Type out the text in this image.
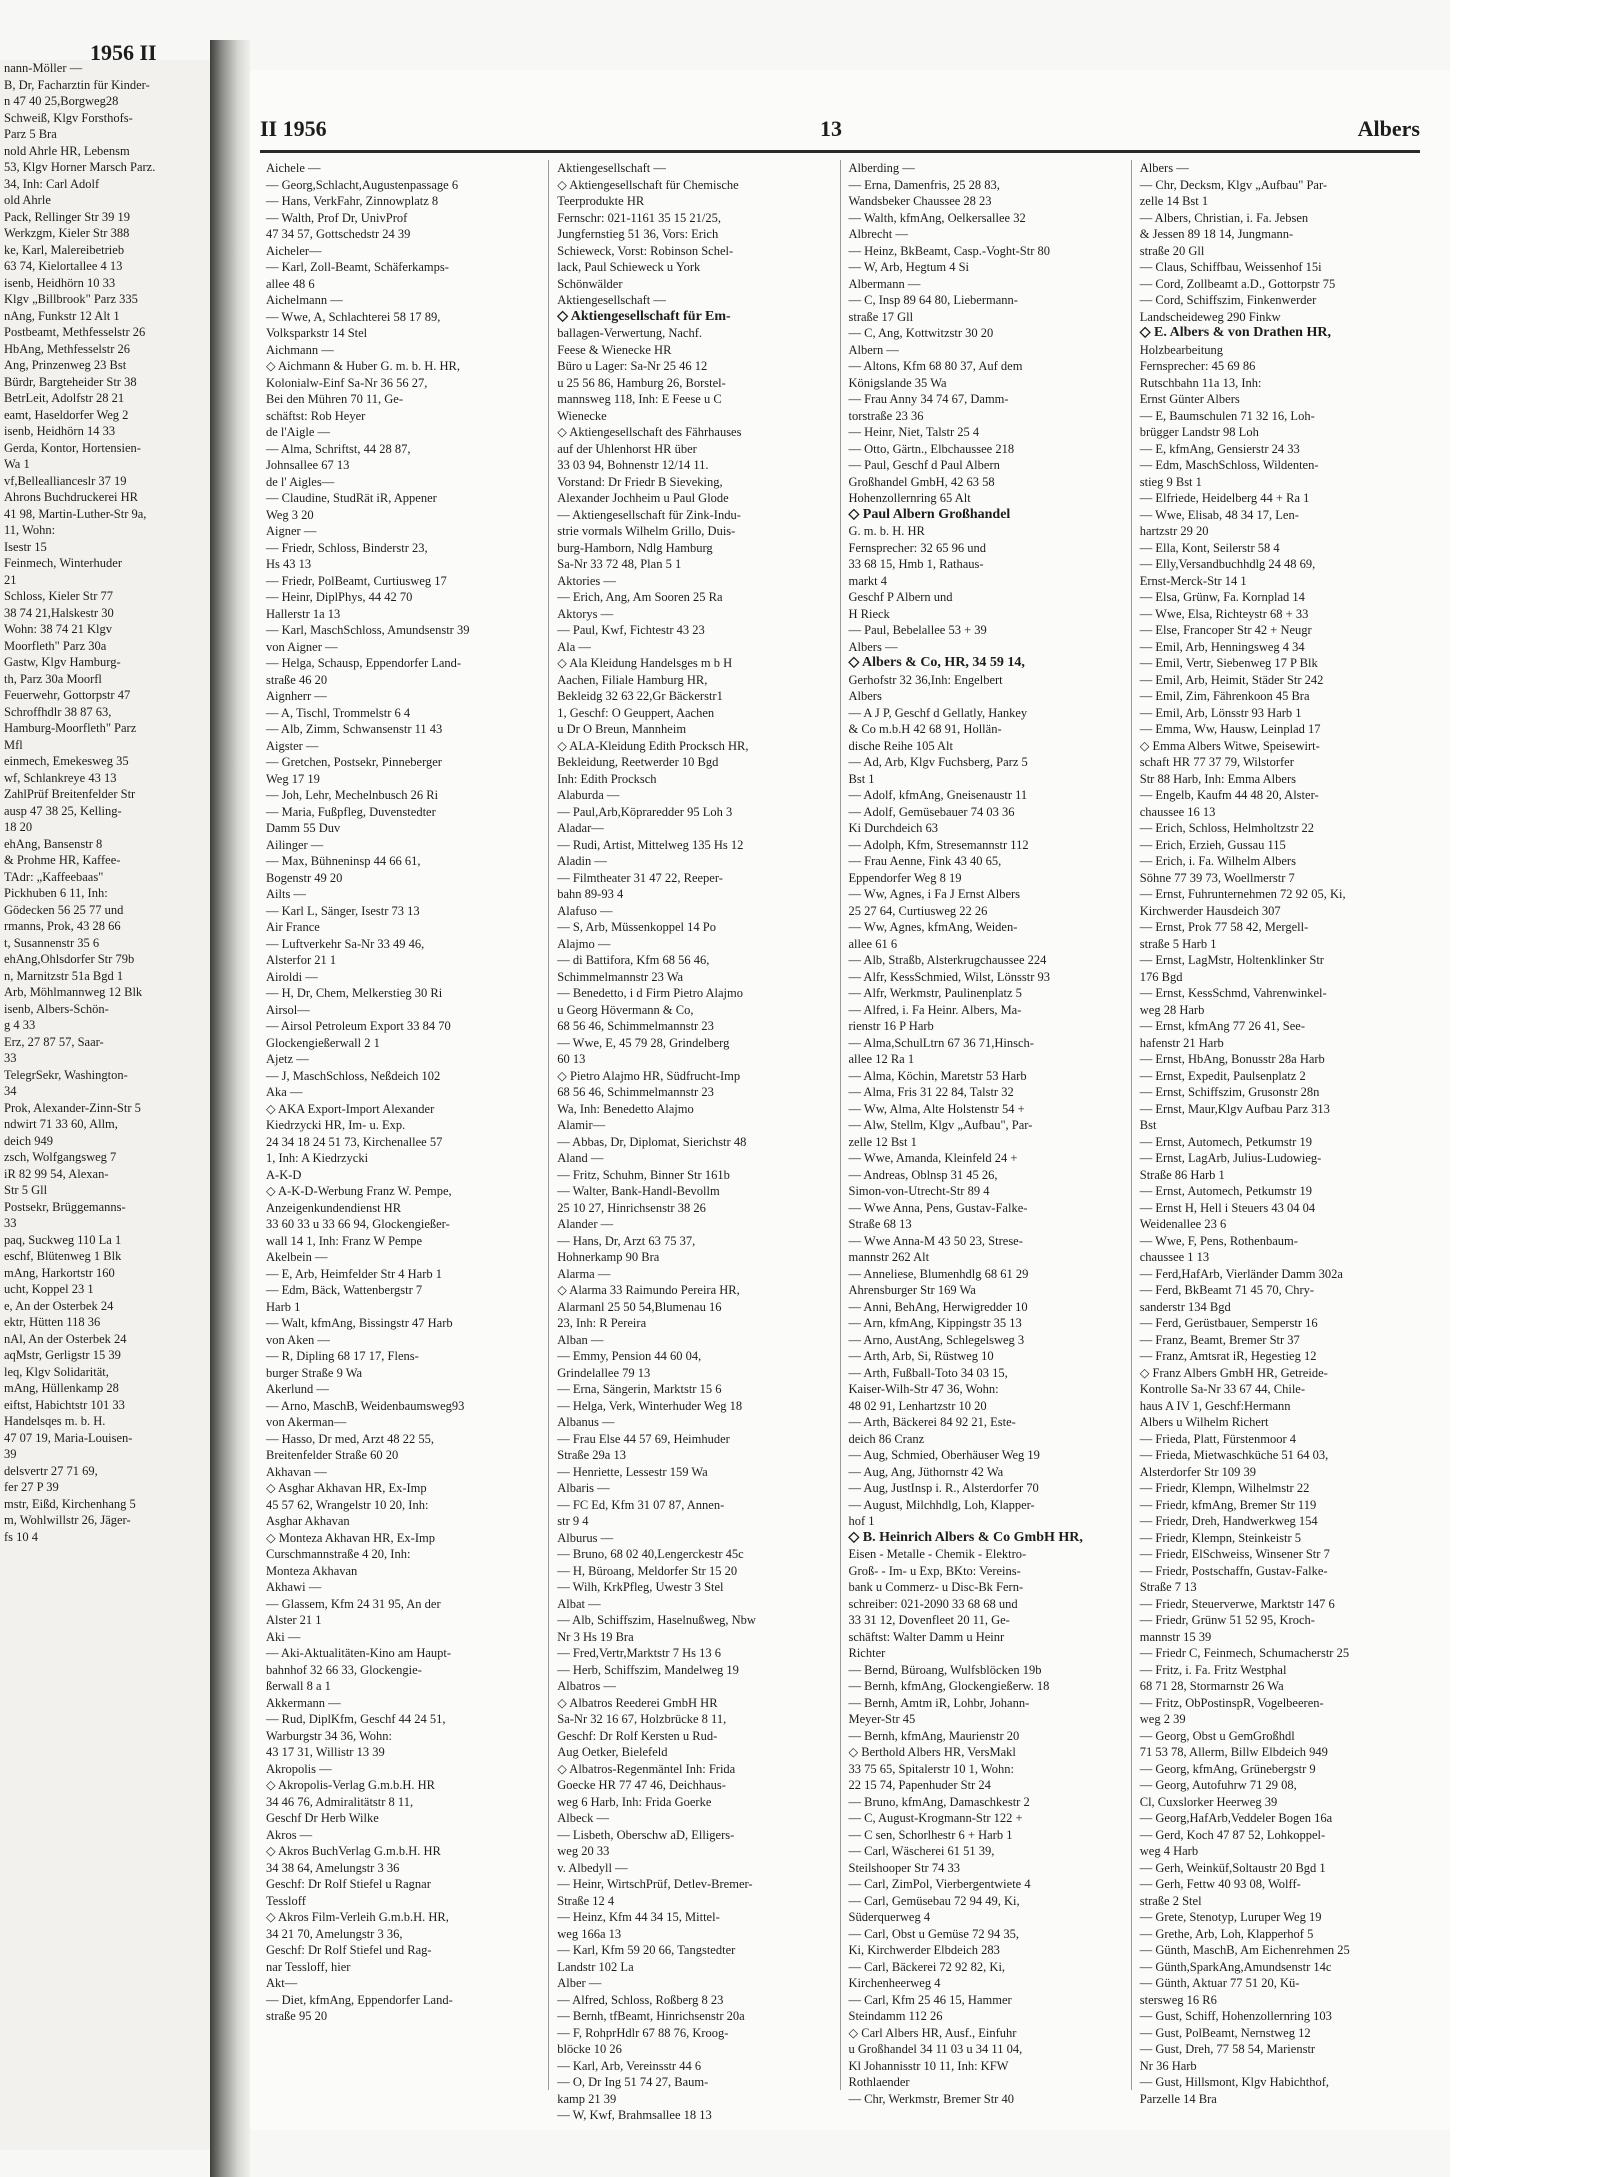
nann-Möller —
B, Dr, Facharztin für Kinder-
n 47 40 25,Borgweg28
Schweiß, Klgv Forsthofs-
Parz 5 Bra
nold Ahrle HR, Lebensm
53, Klgv Horner Marsch Parz.
34, Inh: Carl Adolf
old Ahrle
Pack, Rellinger Str 39 19
Werkzgm, Kieler Str 388
ke, Karl, Malereibetrieb
63 74, Kielortallee 4 13
isenb, Heidhörn 10 33
Klgv „Billbrook" Parz 335
nAng, Funkstr 12 Alt 1
Postbeamt, Methfesselstr 26
HbAng, Methfesselstr 26
Ang, Prinzenweg 23 Bst
Bürdr, Bargteheider Str 38
BetrLeit, Adolfstr 28 21
eamt, Haseldorfer Weg 2
isenb, Heidhörn 14 33
Gerda, Kontor, Hortensien-
Wa 1
vf,Belleallianceslr 37 19
Ahrons Buchdruckerei HR
41 98, Martin-Luther-Str 9a,
11, Wohn:
Isestr 15
Feinmech, Winterhuder
21
Schloss, Kieler Str 77
38 74 21,Halskestr 30
Wohn: 38 74 21 Klgv
Moorfleth" Parz 30a
Gastw, Klgv Hamburg-
th, Parz 30a Moorfl
Feuerwehr, Gottorpstr 47
Schroffhdlr 38 87 63,
Hamburg-Moorfleth" Parz
Mfl
einmech, Emekesweg 35
wf, Schlankreye 43 13
ZahlPrüf Breitenfelder Str
ausp 47 38 25, Kelling-
18 20
ehAng, Bansenstr 8
& Prohme HR, Kaffee-
TAdr: „Kaffeebaas"
Pickhuben 6 11, Inh:
Gödecken 56 25 77 und
rmanns, Prok, 43 28 66
t, Susannenstr 35 6
ehAng,Ohlsdorfer Str 79b
n, Marnitzstr 51a Bgd 1
Arb, Möhlmannweg 12 Blk
isenb, Albers-Schön-
g 4 33
Erz, 27 87 57, Saar-
33
TelegrSekr, Washington-
34
Prok, Alexander-Zinn-Str 5
ndwirt 71 33 60, Allm,
deich 949
zsch, Wolfgangsweg 7
iR 82 99 54, Alexan-
Str 5 Gll
Postsekr, Brüggemanns-
33
paq, Suckweg 110 La 1
eschf, Blütenweg 1 Blk
mAng, Harkortstr 160
ucht, Koppel 23 1
e, An der Osterbek 24
ektr, Hütten 118 36
nAl, An der Osterbek 24
aqMstr, Gerligstr 15 39
leq, Klgv Solidarität,
mAng, Hüllenkamp 28
eiftst, Habichtstr 101 33
Handelsqes m. b. H.
47 07 19, Maria-Louisen-
39
delsvertr 27 71 69,
fer 27 P 39
mstr, Eißd, Kirchenhang 5
m, Wohlwillstr 26, Jäger-
fs 10 4
1956 II
II 1956	13	Albers
Aichele —
— Georg,Schlacht,Augustenpassage 6
— Hans, VerkFahr, Zinnowplatz 8
— Walth, Prof Dr, UnivProf
47 34 57, Gottschedstr 24 39
Aicheler—
— Karl, Zoll-Beamt, Schäferkamps-
allee 48 6
Aichelmann —
— Wwe, A, Schlachterei 58 17 89,
Volksparkstr 14 Stel
Aichmann —
◇ Aichmann & Huber G. m. b. H. HR,
Kolonialw-Einf Sa-Nr 36 56 27,
Bei den Mühren 70 11, Ge-
schäftst: Rob Heyer
de l'Aigle —
— Alma, Schriftst, 44 28 87,
Johnsallee 67 13
de l' Aigles—
— Claudine, StudRät iR, Appener
Weg 3 20
Aigner —
— Friedr, Schloss, Binderstr 23,
Hs 43 13
— Friedr, PolBeamt, Curtiusweg 17
— Heinr, DiplPhys, 44 42 70
Hallerstr 1a 13
— Karl, MaschSchloss, Amundsenstr 39
von Aigner —
— Helga, Schausp, Eppendorfer Land-
straße 46 20
Aignherr —
— A, Tischl, Trommelstr 6 4
— Alb, Zimm, Schwansenstr 11 43
Aigster —
— Gretchen, Postsekr, Pinneberger
Weg 17 19
— Joh, Lehr, Mechelnbusch 26 Ri
— Maria, Fußpfleg, Duvenstedter
Damm 55 Duv
Ailinger —
— Max, Bühneninsp 44 66 61,
Bogenstr 49 20
Ailts —
— Karl L, Sänger, Isestr 73 13
Air France
— Luftverkehr Sa-Nr 33 49 46,
Alsterfor 21 1
Airoldi —
— H, Dr, Chem, Melkerstieg 30 Ri
Airsol—
— Airsol Petroleum Export 33 84 70
Glockengießerwall 2 1
Ajetz —
— J, MaschSchloss, Neßdeich 102
Aka —
◇ AKA Export-Import Alexander
Kiedrzycki HR, Im- u. Exp.
24 34 18 24 51 73, Kirchenallee 57
1, Inh: A Kiedrzycki
A-K-D
◇ A-K-D-Werbung Franz W. Pempe,
Anzeigenkundendienst HR
33 60 33 u 33 66 94, Glockengießer-
wall 14 1, Inh: Franz W Pempe
Akelbein —
— E, Arb, Heimfelder Str 4 Harb 1
— Edm, Bäck, Wattenbergstr 7
Harb 1
— Walt, kfmAng, Bissingstr 47 Harb
von Aken —
— R, Dipling 68 17 17, Flens-
burger Straße 9 Wa
Akerlund —
— Arno, MaschB, Weidenbaumsweg93
von Akerman—
— Hasso, Dr med, Arzt 48 22 55,
Breitenfelder Straße 60 20
Akhavan —
◇ Asghar Akhavan HR, Ex-Imp
45 57 62, Wrangelstr 10 20, Inh:
Asghar Akhavan
◇ Monteza Akhavan HR, Ex-Imp
Curschmannstraße 4 20, Inh:
Monteza Akhavan
Akhawi —
— Glassem, Kfm 24 31 95, An der
Alster 21 1
Aki —
— Aki-Aktualitäten-Kino am Haupt-
bahnhof 32 66 33, Glockengie-
ßerwall 8 a 1
Akkermann —
— Rud, DiplKfm, Geschf 44 24 51,
Warburgstr 34 36, Wohn:
43 17 31, Willistr 13 39
Akropolis —
◇ Akropolis-Verlag G.m.b.H. HR
34 46 76, Admiralitätstr 8 11,
Geschf Dr Herb Wilke
Akros —
◇ Akros BuchVerlag G.m.b.H. HR
34 38 64, Amelungstr 3 36
Geschf: Dr Rolf Stiefel u Ragnar
Tessloff
◇ Akros Film-Verleih G.m.b.H. HR,
34 21 70, Amelungstr 3 36,
Geschf: Dr Rolf Stiefel und Rag-
nar Tessloff, hier
Akt—
— Diet, kfmAng, Eppendorfer Land-
straße 95 20
Aktiengesellschaft —
◇ Aktiengesellschaft für Chemische
Teerprodukte HR
Fernschr: 021-1161 35 15 21/25,
Jungfernstieg 51 36, Vors: Erich
Schieweck, Vorst: Robinson Schel-
lack, Paul Schieweck u York
Schönwälder
Aktiengesellschaft —
◇ Aktiengesellschaft für Em-
ballagen-Verwertung, Nachf.
Feese & Wienecke HR
Büro u Lager: Sa-Nr 25 46 12
u 25 56 86, Hamburg 26, Borstel-
mannsweg 118, Inh: E Feese u C
Wienecke
◇ Aktiengesellschaft des Fährhauses
auf der Uhlenhorst HR über
33 03 94, Bohnenstr 12/14 11.
Vorstand: Dr Friedr B Sieveking,
Alexander Jochheim u Paul Glode
— Aktiengesellschaft für Zink-Indu-
strie vormals Wilhelm Grillo, Duis-
burg-Hamborn, Ndlg Hamburg
Sa-Nr 33 72 48, Plan 5 1
Aktories —
— Erich, Ang, Am Sooren 25 Ra
Aktorys —
— Paul, Kwf, Fichtestr 43 23
Ala —
◇ Ala Kleidung Handelsges m b H
Aachen, Filiale Hamburg HR,
Bekleidg 32 63 22,Gr Bäckerstr1
1, Geschf: O Geuppert, Aachen
u Dr O Breun, Mannheim
◇ ALA-Kleidung Edith Procksch HR,
Bekleidung, Reetwerder 10 Bgd
Inh: Edith Procksch
Alaburda —
— Paul,Arb,Köpraredder 95 Loh 3
Aladar—
— Rudi, Artist, Mittelweg 135 Hs 12
Aladin —
— Filmtheater 31 47 22, Reeper-
bahn 89-93 4
Alafuso —
— S, Arb, Müssenkoppel 14 Po
Alajmo —
— di Battifora, Kfm 68 56 46,
Schimmelmannstr 23 Wa
— Benedetto, i d Firm Pietro Alajmo
u Georg Hövermann & Co,
68 56 46, Schimmelmannstr 23
— Wwe, E, 45 79 28, Grindelberg
60 13
◇ Pietro Alajmo HR, Südfrucht-Imp
68 56 46, Schimmelmannstr 23
Wa, Inh: Benedetto Alajmo
Alamir—
— Abbas, Dr, Diplomat, Sierichstr 48
Aland —
— Fritz, Schuhm, Binner Str 161b
— Walter, Bank-Handl-Bevollm
25 10 27, Hinrichsenstr 38 26
Alander —
— Hans, Dr, Arzt 63 75 37,
Hohnerkamp 90 Bra
Alarma —
◇ Alarma 33 Raimundo Pereira HR,
Alarmanl 25 50 54,Blumenau 16
23, Inh: R Pereira
Alban —
— Emmy, Pension 44 60 04,
Grindelallee 79 13
— Erna, Sängerin, Marktstr 15 6
— Helga, Verk, Winterhuder Weg 18
Albanus —
— Frau Else 44 57 69, Heimhuder
Straße 29a 13
— Henriette, Lessestr 159 Wa
Albaris —
— FC Ed, Kfm 31 07 87, Annen-
str 9 4
Alburus —
— Bruno, 68 02 40,Lengerckestr 45c
— H, Büroang, Meldorfer Str 15 20
— Wilh, KrkPfleg, Uwestr 3 Stel
Albat —
— Alb, Schiffszim, Haselnußweg, Nbw
Nr 3 Hs 19 Bra
— Fred,Vertr,Marktstr 7 Hs 13 6
— Herb, Schiffszim, Mandelweg 19
Albatros —
◇ Albatros Reederei GmbH HR
Sa-Nr 32 16 67, Holzbrücke 8 11,
Geschf: Dr Rolf Kersten u Rud-
Aug Oetker, Bielefeld
◇ Albatros-Regenmäntel Inh: Frida
Goecke HR 77 47 46, Deichhaus-
weg 6 Harb, Inh: Frida Goerke
Albeck —
— Lisbeth, Oberschw aD, Elligers-
weg 20 33
v. Albedyll —
— Heinr, WirtschPrüf, Detlev-Bremer-
Straße 12 4
— Heinz, Kfm 44 34 15, Mittel-
weg 166a 13
— Karl, Kfm 59 20 66, Tangstedter
Landstr 102 La
Alber —
— Alfred, Schloss, Roßberg 8 23
— Bernh, tfBeamt, Hinrichsenstr 20a
— F, RohprHdlr 67 88 76, Kroog-
blöcke 10 26
— Karl, Arb, Vereinsstr 44 6
— O, Dr Ing 51 74 27, Baum-
kamp 21 39
— W, Kwf, Brahmsallee 18 13
Alberding —
— Erna, Damenfris, 25 28 83,
Wandsbeker Chaussee 28 23
— Walth, kfmAng, Oelkersallee 32
Albrecht —
— Heinz, BkBeamt, Casp.-Voght-Str 80
— W, Arb, Hegtum 4 Si
Albermann —
— C, Insp 89 64 80, Liebermann-
straße 17 Gll
— C, Ang, Kottwitzstr 30 20
Albern —
— Altons, Kfm 68 80 37, Auf dem
Königslande 35 Wa
— Frau Anny 34 74 67, Damm-
torstraße 23 36
— Heinr, Niet, Talstr 25 4
— Otto, Gärtn., Elbchaussee 218
— Paul, Geschf d Paul Albern
Großhandel GmbH, 42 63 58
Hohenzollernring 65 Alt
◇ Paul Albern Großhandel
G. m. b. H. HR
Fernsprecher: 32 65 96 und
33 68 15, Hmb 1, Rathaus-
markt 4
Geschf P Albern und
H Rieck
— Paul, Bebelallee 53 + 39
Albers —
◇ Albers & Co, HR, 34 59 14,
Gerhofstr 32 36,Inh: Engelbert
Albers
— A J P, Geschf d Gellatly, Hankey
& Co m.b.H 42 68 91, Hollän-
dische Reihe 105 Alt
— Ad, Arb, Klgv Fuchsberg, Parz 5
Bst 1
— Adolf, kfmAng, Gneisenaustr 11
— Adolf, Gemüsebauer 74 03 36
Ki Durchdeich 63
— Adolph, Kfm, Stresemannstr 112
— Frau Aenne, Fink 43 40 65,
Eppendorfer Weg 8 19
— Ww, Agnes, i Fa J Ernst Albers
25 27 64, Curtiusweg 22 26
— Ww, Agnes, kfmAng, Weiden-
allee 61 6
— Alb, Straßb, Alsterkrugchaussee 224
— Alfr, KessSchmied, Wilst, Lönsstr 93
— Alfr, Werkmstr, Paulinenplatz 5
— Alfred, i. Fa Heinr. Albers, Ma-
rienstr 16 P Harb
— Alma,SchulLtrn 67 36 71,Hinsch-
allee 12 Ra 1
— Alma, Köchin, Maretstr 53 Harb
— Alma, Fris 31 22 84, Talstr 32
— Ww, Alma, Alte Holstenstr 54 +
— Alw, Stellm, Klgv „Aufbau", Par-
zelle 12 Bst 1
— Wwe, Amanda, Kleinfeld 24 +
— Andreas, Oblnsp 31 45 26,
Simon-von-Utrecht-Str 89 4
— Wwe Anna, Pens, Gustav-Falke-
Straße 68 13
— Wwe Anna-M 43 50 23, Strese-
mannstr 262 Alt
— Anneliese, Blumenhdlg 68 61 29
Ahrensburger Str 169 Wa
— Anni, BehAng, Herwigredder 10
— Arn, kfmAng, Kippingstr 35 13
— Arno, AustAng, Schlegelsweg 3
— Arth, Arb, Si, Rüstweg 10
— Arth, Fußball-Toto 34 03 15,
Kaiser-Wilh-Str 47 36, Wohn:
48 02 91, Lenhartzstr 10 20
— Arth, Bäckerei 84 92 21, Este-
deich 86 Cranz
— Aug, Schmied, Oberhäuser Weg 19
— Aug, Ang, Jüthornstr 42 Wa
— Aug, JustInsp i. R., Alsterdorfer 70
— August, Milchhdlg, Loh, Klapper-
hof 1
◇ B. Heinrich Albers & Co GmbH HR,
Eisen - Metalle - Chemik - Elektro-
Groß- - Im- u Exp, BKto: Vereins-
bank u Commerz- u Disc-Bk Fern-
schreiber: 021-2090 33 68 68 und
33 31 12, Dovenfleet 20 11, Ge-
schäftst: Walter Damm u Heinr
Richter
— Bernd, Büroang, Wulfsblöcken 19b
— Bernh, kfmAng, Glockengießerw. 18
— Bernh, Amtm iR, Lohbr, Johann-
Meyer-Str 45
— Bernh, kfmAng, Maurienstr 20
◇ Berthold Albers HR, VersMakl
33 75 65, Spitalerstr 10 1, Wohn:
22 15 74, Papenhuder Str 24
— Bruno, kfmAng, Damaschkestr 2
— C, August-Krogmann-Str 122 +
— C sen, Schorlhestr 6 + Harb 1
— Carl, Wäscherei 61 51 39,
Steilshooper Str 74 33
— Carl, ZimPol, Vierbergentwiete 4
— Carl, Gemüsebau 72 94 49, Ki,
Süderquerweg 4
— Carl, Obst u Gemüse 72 94 35,
Ki, Kirchwerder Elbdeich 283
— Carl, Bäckerei 72 92 82, Ki,
Kirchenheerweg 4
— Carl, Kfm 25 46 15, Hammer
Steindamm 112 26
◇ Carl Albers HR, Ausf., Einfuhr
u Großhandel 34 11 03 u 34 11 04,
Kl Johannisstr 10 11, Inh: KFW
Rothlaender
— Chr, Werkmstr, Bremer Str 40
Albers —
— Chr, Decksm, Klgv „Aufbau" Par-
zelle 14 Bst 1
— Albers, Christian, i. Fa. Jebsen
& Jessen 89 18 14, Jungmann-
straße 20 Gll
— Claus, Schiffbau, Weissenhof 15i
— Cord, Zollbeamt a.D., Gottorpstr 75
— Cord, Schiffszim, Finkenwerder
Landscheideweg 290 Finkw
◇ E. Albers & von Drathen HR,
Holzbearbeitung
Fernsprecher: 45 69 86
Rutschbahn 11a 13, Inh:
Ernst Günter Albers
— E, Baumschulen 71 32 16, Loh-
brügger Landstr 98 Loh
— E, kfmAng, Gensierstr 24 33
— Edm, MaschSchloss, Wildenten-
stieg 9 Bst 1
— Elfriede, Heidelberg 44 + Ra 1
— Wwe, Elisab, 48 34 17, Len-
hartzstr 29 20
— Ella, Kont, Seilerstr 58 4
— Elly,Versandbuchhdlg 24 48 69,
Ernst-Merck-Str 14 1
— Elsa, Grünw, Fa. Kornplad 14
— Wwe, Elsa, Richteystr 68 + 33
— Else, Francoper Str 42 + Neugr
— Emil, Arb, Henningsweg 4 34
— Emil, Vertr, Siebenweg 17 P Blk
— Emil, Arb, Heimit, Städer Str 242
— Emil, Zim, Fährenkoon 45 Bra
— Emil, Arb, Lönsstr 93 Harb 1
— Emma, Ww, Hausw, Leinplad 17
◇ Emma Albers Witwe, Speisewirt-
schaft HR 77 37 79, Wilstorfer
Str 88 Harb, Inh: Emma Albers
— Engelb, Kaufm 44 48 20, Alster-
chaussee 16 13
— Erich, Schloss, Helmholtzstr 22
— Erich, Erzieh, Gussau 115
— Erich, i. Fa. Wilhelm Albers
Söhne 77 39 73, Woellmerstr 7
— Ernst, Fuhrunternehmen 72 92 05, Ki,
Kirchwerder Hausdeich 307
— Ernst, Prok 77 58 42, Mergell-
straße 5 Harb 1
— Ernst, LagMstr, Holtenklinker Str
176 Bgd
— Ernst, KessSchmd, Vahrenwinkel-
weg 28 Harb
— Ernst, kfmAng 77 26 41, See-
hafenstr 21 Harb
— Ernst, HbAng, Bonusstr 28a Harb
— Ernst, Expedit, Paulsenplatz 2
— Ernst, Schiffszim, Grusonstr 28n
— Ernst, Maur,Klgv Aufbau Parz 313
Bst
— Ernst, Automech, Petkumstr 19
— Ernst, LagArb, Julius-Ludowieg-
Straße 86 Harb 1
— Ernst, Automech, Petkumstr 19
— Ernst H, Hell i Steuers 43 04 04
Weidenallee 23 6
— Wwe, F, Pens, Rothenbaum-
chaussee 1 13
— Ferd,HafArb, Vierländer Damm 302a
— Ferd, BkBeamt 71 45 70, Chry-
sanderstr 134 Bgd
— Ferd, Gerüstbauer, Semperstr 16
— Franz, Beamt, Bremer Str 37
— Franz, Amtsrat iR, Hegestieg 12
◇ Franz Albers GmbH HR, Getreide-
Kontrolle Sa-Nr 33 67 44, Chile-
haus A IV 1, Geschf:Hermann
Albers u Wilhelm Richert
— Frieda, Platt, Fürstenmoor 4
— Frieda, Mietwaschküche 51 64 03,
Alsterdorfer Str 109 39
— Friedr, Klempn, Wilhelmstr 22
— Friedr, kfmAng, Bremer Str 119
— Friedr, Dreh, Handwerkweg 154
— Friedr, Klempn, Steinkeistr 5
— Friedr, ElSchweiss, Winsener Str 7
— Friedr, Postschaffn, Gustav-Falke-
Straße 7 13
— Friedr, Steuerverwe, Marktstr 147 6
— Friedr, Grünw 51 52 95, Kroch-
mannstr 15 39
— Friedr C, Feinmech, Schumacherstr 25
— Fritz, i. Fa. Fritz Westphal
68 71 28, Stormarnstr 26 Wa
— Fritz, ObPostinspR, Vogelbeeren-
weg 2 39
— Georg, Obst u GemGroßhdl
71 53 78, Allerm, Billw Elbdeich 949
— Georg, kfmAng, Grünebergstr 9
— Georg, Autofuhrw 71 29 08,
Cl, Cuxslorker Heerweg 39
— Georg,HafArb,Veddeler Bogen 16a
— Gerd, Koch 47 87 52, Lohkoppel-
weg 4 Harb
— Gerh, Weinküf,Soltaustr 20 Bgd 1
— Gerh, Fettw 40 93 08, Wolff-
straße 2 Stel
— Grete, Stenotyp, Luruper Weg 19
— Grethe, Arb, Loh, Klapperhof 5
— Günth, MaschB, Am Eichenrehmen 25
— Günth,SparkAng,Amundsenstr 14c
— Günth, Aktuar 77 51 20, Kü-
stersweg 16 R6
— Gust, Schiff, Hohenzollernring 103
— Gust, PolBeamt, Nernstweg 12
— Gust, Dreh, 77 58 54, Marienstr
Nr 36 Harb
— Gust, Hillsmont, Klgv Habichthof,
Parzelle 14 Bra
